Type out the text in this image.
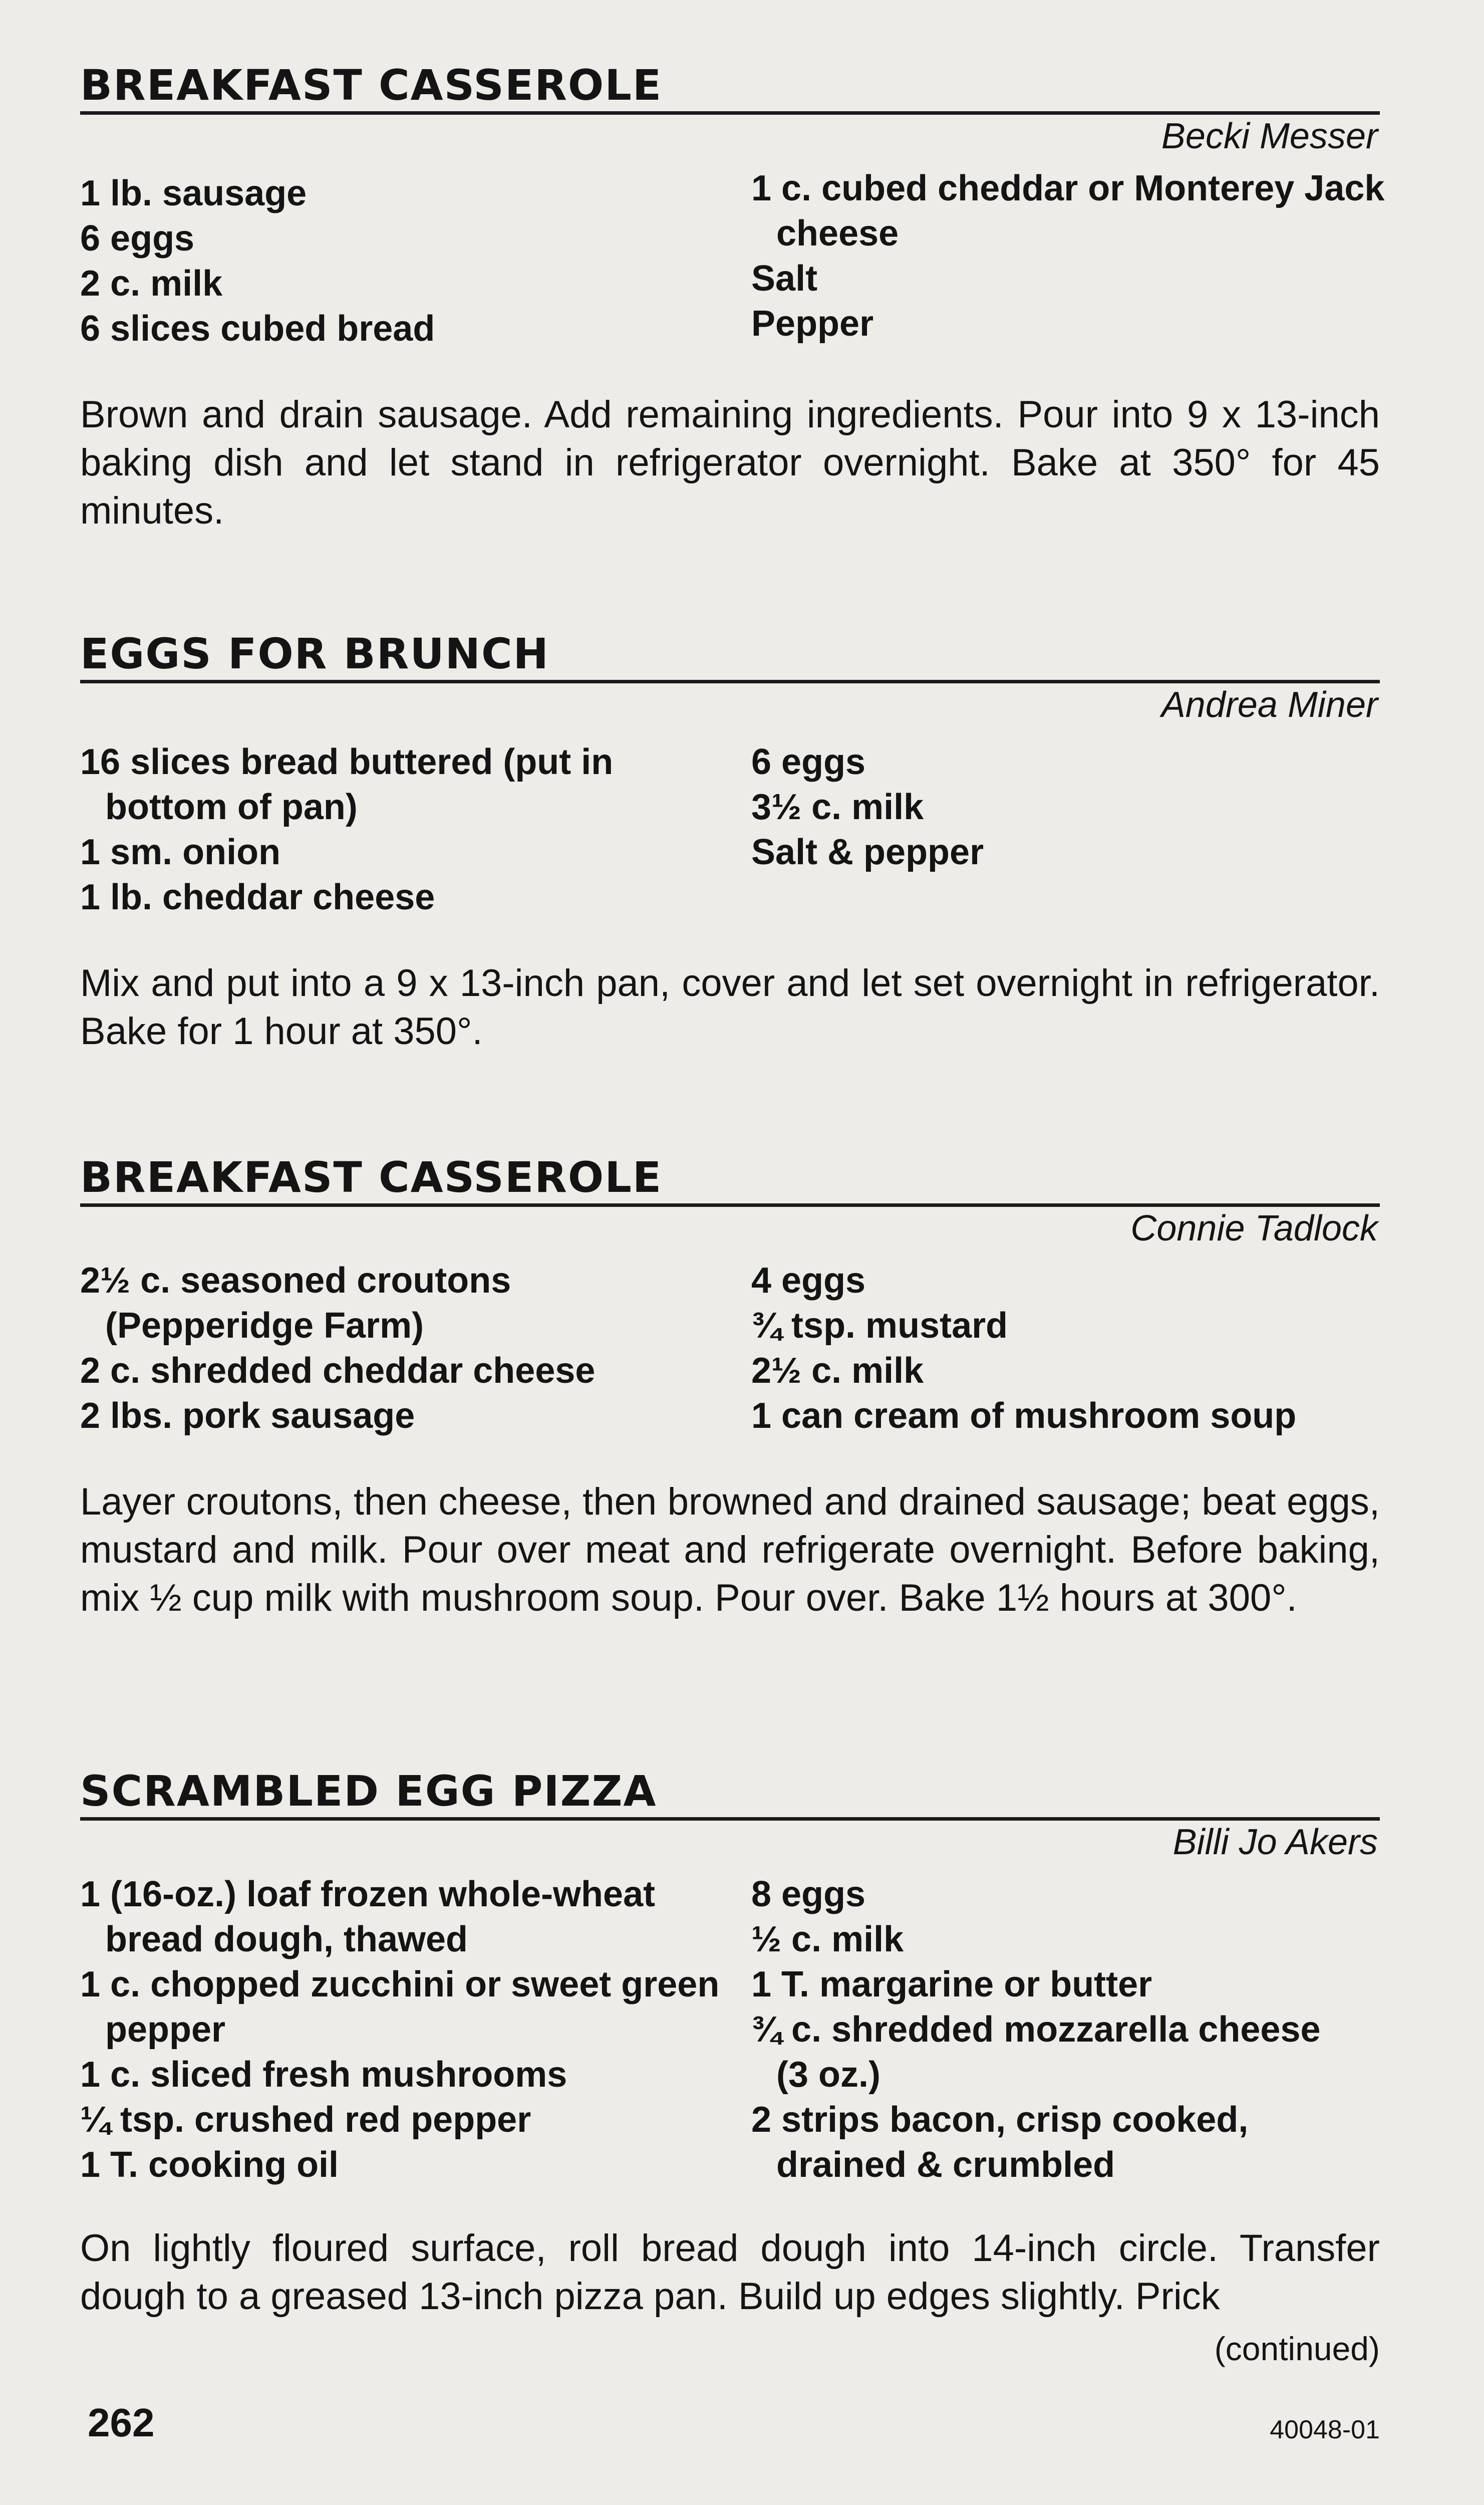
BREAKFAST CASSEROLE
Becki Messer
1 lb. sausage
6 eggs
2 c. milk
6 slices cubed bread
1 c. cubed cheddar or Monterey Jack cheese
Salt
Pepper

Brown and drain sausage. Add remaining ingredients. Pour into 9 x 13-inch baking dish and let stand in refrigerator overnight. Bake at 350° for 45 minutes.

EGGS FOR BRUNCH
Andrea Miner
16 slices bread buttered (put in bottom of pan)
1 sm. onion
1 lb. cheddar cheese
6 eggs
3½ c. milk
Salt & pepper

Mix and put into a 9 x 13-inch pan, cover and let set overnight in refrigerator. Bake for 1 hour at 350°.

BREAKFAST CASSEROLE
Connie Tadlock
2½ c. seasoned croutons (Pepperidge Farm)
2 c. shredded cheddar cheese
2 lbs. pork sausage
4 eggs
¾ tsp. mustard
2½ c. milk
1 can cream of mushroom soup

Layer croutons, then cheese, then browned and drained sausage; beat eggs, mustard and milk. Pour over meat and refrigerate overnight. Before baking, mix ½ cup milk with mushroom soup. Pour over. Bake 1½ hours at 300°.

SCRAMBLED EGG PIZZA
Billi Jo Akers
1 (16-oz.) loaf frozen whole-wheat bread dough, thawed
1 c. chopped zucchini or sweet green pepper
1 c. sliced fresh mushrooms
¼ tsp. crushed red pepper
1 T. cooking oil
8 eggs
½ c. milk
1 T. margarine or butter
¾ c. shredded mozzarella cheese (3 oz.)
2 strips bacon, crisp cooked, drained & crumbled

On lightly floured surface, roll bread dough into 14-inch circle. Transfer dough to a greased 13-inch pizza pan. Build up edges slightly. Prick

(continued)
262	40048-01
